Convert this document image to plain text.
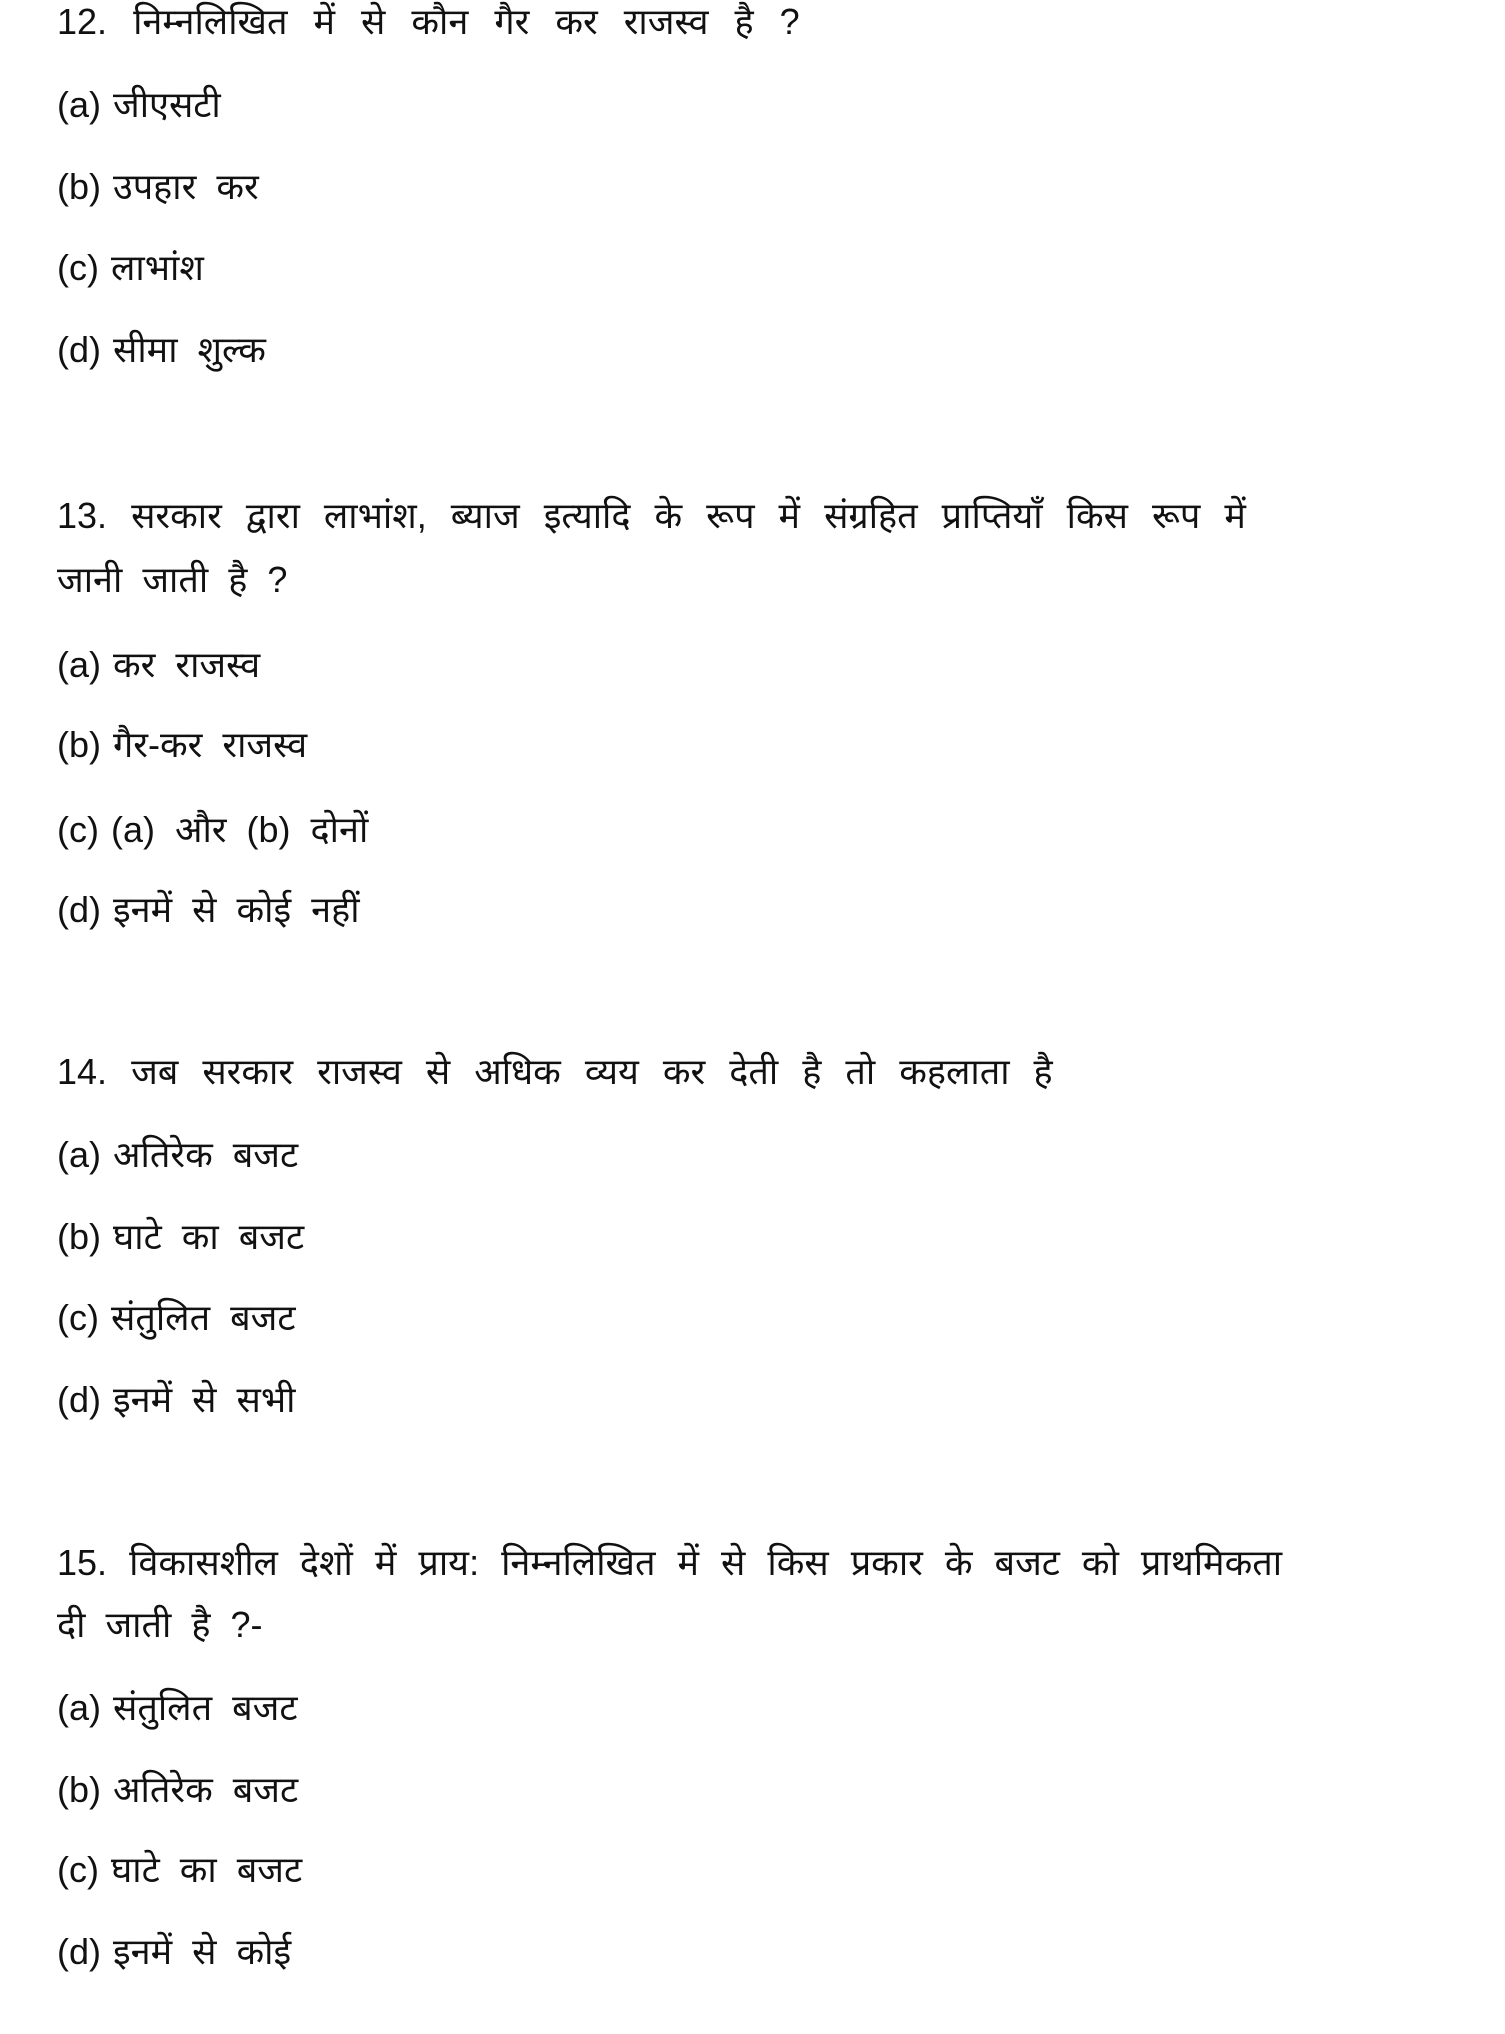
12. निम्नलिखित में से कौन गैर कर राजस्व है ?
(a) जीएसटी
(b) उपहार कर
(c) लाभांश
(d) सीमा शुल्क
13. सरकार द्वारा लाभांश, ब्याज इत्यादि के रूप में संग्रहित प्राप्तियाँ किस रूप में
जानी जाती है ?
(a) कर राजस्व
(b) गैर-कर राजस्व
(c) (a) और (b) दोनों
(d) इनमें से कोई नहीं
14. जब सरकार राजस्व से अधिक व्यय कर देती है तो कहलाता है
(a) अतिरेक बजट
(b) घाटे का बजट
(c) संतुलित बजट
(d) इनमें से सभी
15. विकासशील देशों में प्राय: निम्नलिखित में से किस प्रकार के बजट को प्राथमिकता
दी जाती है ?-
(a) संतुलित बजट
(b) अतिरेक बजट
(c) घाटे का बजट
(d) इनमें से कोई
